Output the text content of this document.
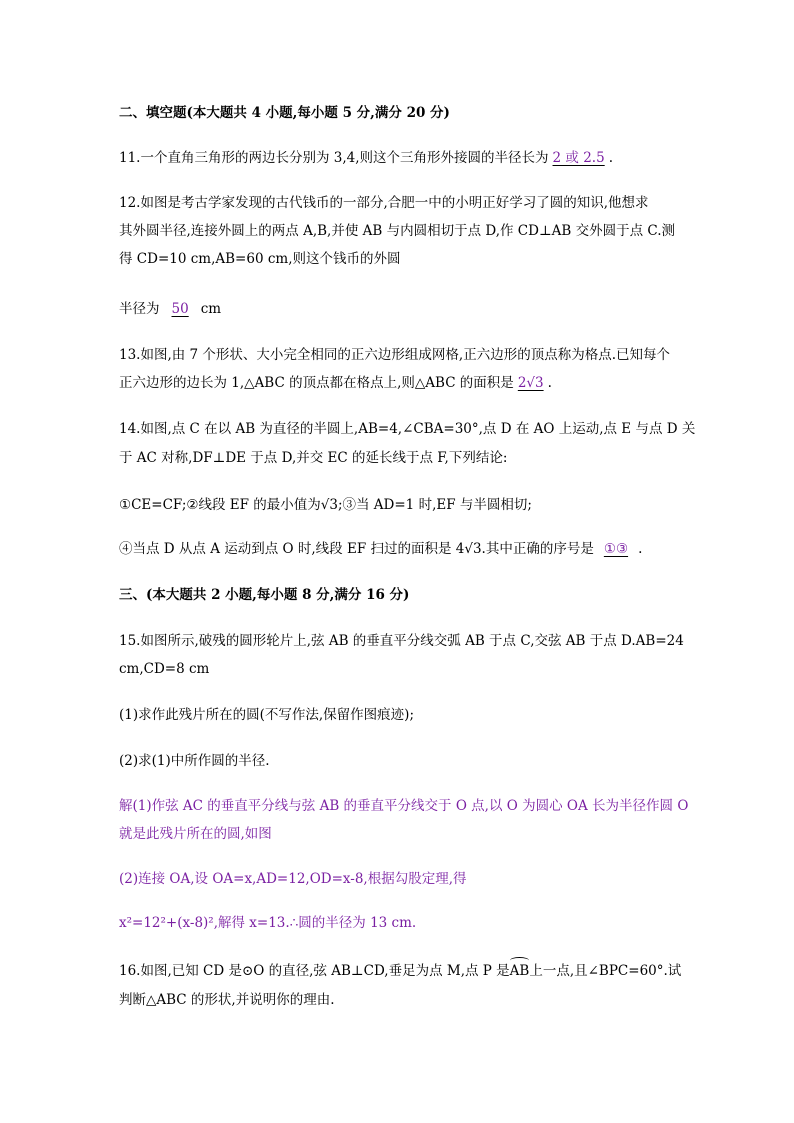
二、填空题(本大题共 4 小题,每小题 5 分,满分 20 分)
11.一个直角三角形的两边长分别为 3,4,则这个三角形外接圆的半径长为 2 或 2.5 .
12.如图是考古学家发现的古代钱币的一部分,合肥一中的小明正好学习了圆的知识,他想求
其外圆半径,连接外圆上的两点 A,B,并使 AB 与内圆相切于点 D,作 CD⊥AB 交外圆于点 C.测
得 CD=10 cm,AB=60 cm,则这个钱币的外圆
半径为 50 cm
13.如图,由 7 个形状、大小完全相同的正六边形组成网格,正六边形的顶点称为格点.已知每个
正六边形的边长为 1,△ABC 的顶点都在格点上,则△ABC 的面积是 2√3 .
14.如图,点 C 在以 AB 为直径的半圆上,AB=4,∠CBA=30°,点 D 在 AO 上运动,点 E 与点 D 关
于 AC 对称,DF⊥DE 于点 D,并交 EC 的延长线于点 F,下列结论:
①CE=CF;②线段 EF 的最小值为√3;③当 AD=1 时,EF 与半圆相切;
④当点 D 从点 A 运动到点 O 时,线段 EF 扫过的面积是 4√3.其中正确的序号是 ①③ .
三、(本大题共 2 小题,每小题 8 分,满分 16 分)
15.如图所示,破残的圆形轮片上,弦 AB 的垂直平分线交弧 AB 于点 C,交弦 AB 于点 D.AB=24
cm,CD=8 cm
(1)求作此残片所在的圆(不写作法,保留作图痕迹);
(2)求(1)中所作圆的半径.
解(1)作弦 AC 的垂直平分线与弦 AB 的垂直平分线交于 O 点,以 O 为圆心 OA 长为半径作圆 O
就是此残片所在的圆,如图
(2)连接 OA,设 OA=x,AD=12,OD=x-8,根据勾股定理,得
x²=12²+(x-8)²,解得 x=13.∴圆的半径为 13 cm.
16.如图,已知 CD 是⊙O 的直径,弦 AB⊥CD,垂足为点 M,点 P 是AB上一点,且∠BPC=60°.试
判断△ABC 的形状,并说明你的理由.
